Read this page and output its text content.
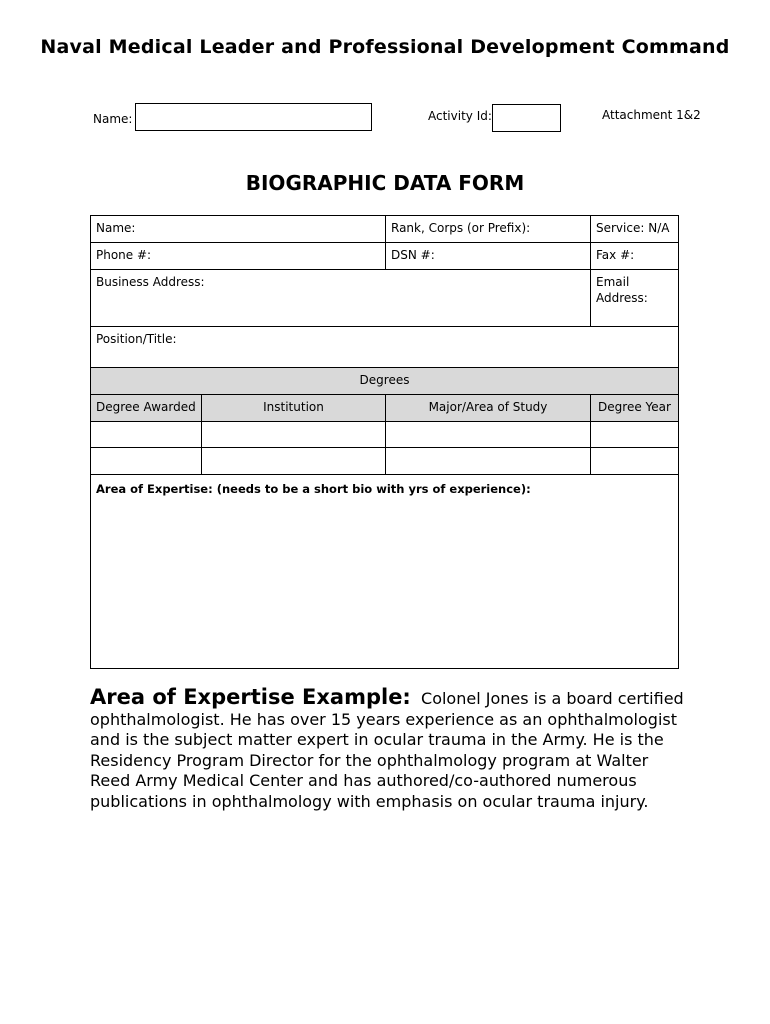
Naval Medical Leader and Professional Development Command
Name:	Activity Id:	Attachment 1&2
BIOGRAPHIC DATA FORM
Name:	Rank, Corps (or Prefix):	Service: N/A
Phone #:	DSN #:	Fax #:
Business Address:	Email
Address:
Position/Title:
Degrees
Degree Awarded	Institution	Major/Area of Study	Degree Year
Area of Expertise: (needs to be a short bio with yrs of experience):
Area of Expertise Example: Colonel Jones is a board certified ophthalmologist. He has over 15 years experience as an ophthalmologist and is the subject matter expert in ocular trauma in the Army. He is the Residency Program Director for the ophthalmology program at Walter Reed Army Medical Center and has authored/co-authored numerous publications in ophthalmology with emphasis on ocular trauma injury.
